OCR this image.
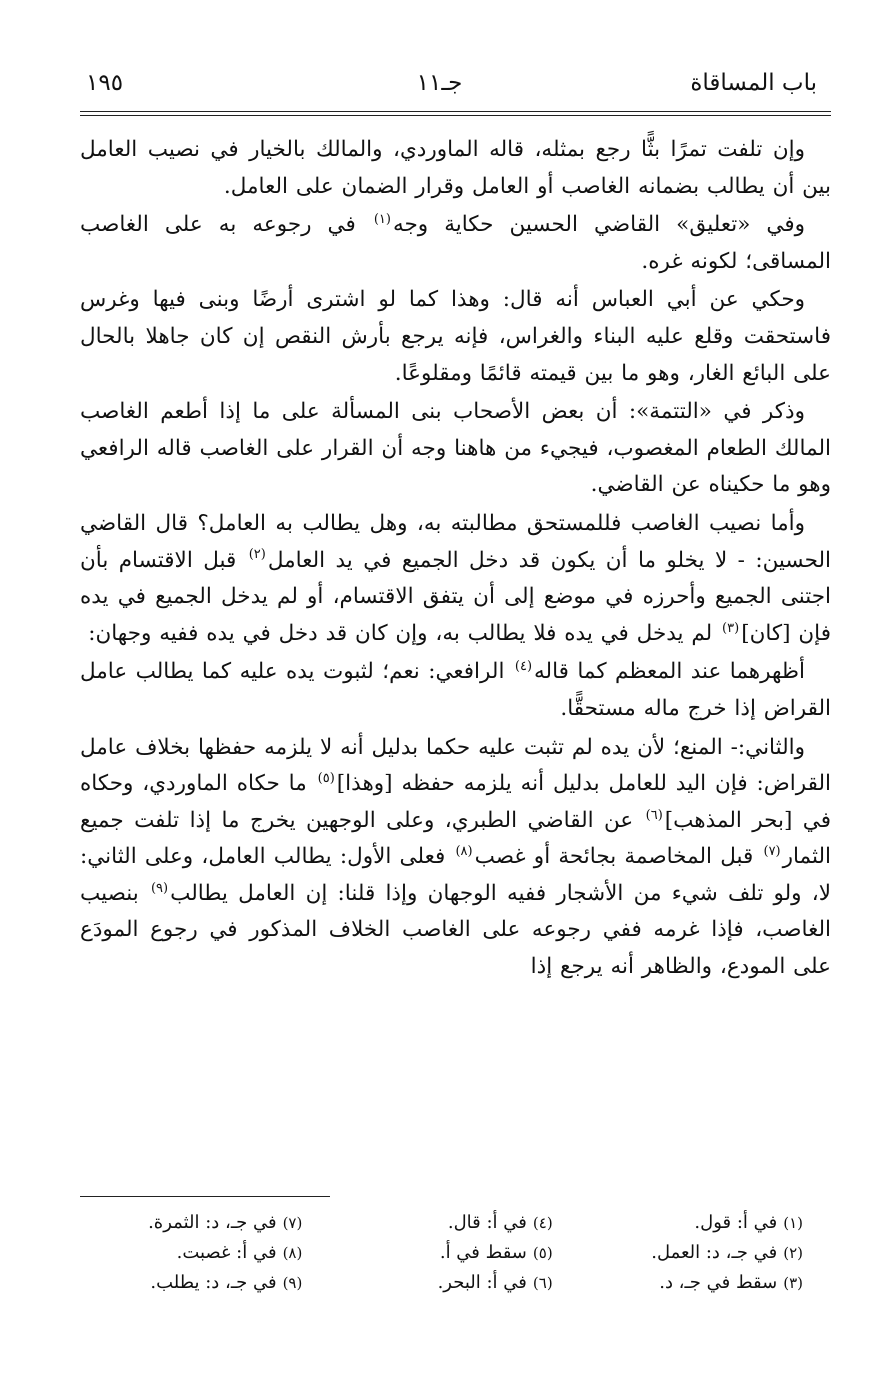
باب المساقاة
جـ١١
١٩٥

وإن تلفت تمرًا بثًّا رجع بمثله، قاله الماوردي، والمالك بالخيار في نصيب العامل بين أن يطالب بضمانه الغاصب أو العامل وقرار الضمان على العامل.

وفي «تعليق» القاضي الحسين حكاية وجه$^{(١)}$ في رجوعه به على الغاصب المساقى؛ لكونه غره.

وحكي عن أبي العباس أنه قال: وهذا كما لو اشترى أرضًا وبنى فيها وغرس فاستحقت وقلع عليه البناء والغراس، فإنه يرجع بأرش النقص إن كان جاهلا بالحال على البائع الغار، وهو ما بين قيمته قائمًا ومقلوعًا.

وذكر في «التتمة»: أن بعض الأصحاب بنى المسألة على ما إذا أطعم الغاصب المالك الطعام المغصوب، فيجيء من هاهنا وجه أن القرار على الغاصب قاله الرافعي وهو ما حكيناه عن القاضي.

وأما نصيب الغاصب فللمستحق مطالبته به، وهل يطالب به العامل؟ قال القاضي الحسين: - لا يخلو ما أن يكون قد دخل الجميع في يد العامل$^{(٢)}$ قبل الاقتسام بأن اجتنى الجميع وأحرزه في موضع إلى أن يتفق الاقتسام، أو لم يدخل الجميع في يده فإن [كان]$^{(٣)}$ لم يدخل في يده فلا يطالب به، وإن كان قد دخل في يده ففيه وجهان:

أظهرهما عند المعظم كما قاله$^{(٤)}$ الرافعي: نعم؛ لثبوت يده عليه كما يطالب عامل القراض إذا خرج ماله مستحقًّا.

والثاني:- المنع؛ لأن يده لم تثبت عليه حكما بدليل أنه لا يلزمه حفظها بخلاف عامل القراض: فإن اليد للعامل بدليل أنه يلزمه حفظه [وهذا]$^{(٥)}$ ما حكاه الماوردي، وحكاه في [بحر المذهب]$^{(٦)}$ عن القاضي الطبري، وعلى الوجهين يخرج ما إذا تلفت جميع الثمار$^{(٧)}$ قبل المخاصمة بجائحة أو غصب$^{(٨)}$ فعلى الأول: يطالب العامل، وعلى الثاني: لا، ولو تلف شيء من الأشجار ففيه الوجهان وإذا قلنا: إن العامل يطالب$^{(٩)}$ بنصيب الغاصب، فإذا غرمه ففي رجوعه على الغاصب الخلاف المذكور في رجوع المودَع على المودع، والظاهر أنه يرجع إذا

(١)في أ: قول.
(٢)في جـ، د: العمل.
(٣)سقط في جـ، د.
(٤)في أ: قال.
(٥)سقط في أ.
(٦)في أ: البحر.
(٧)في جـ، د: الثمرة.
(٨)في أ: غصبت.
(٩)في جـ، د: يطلب.
